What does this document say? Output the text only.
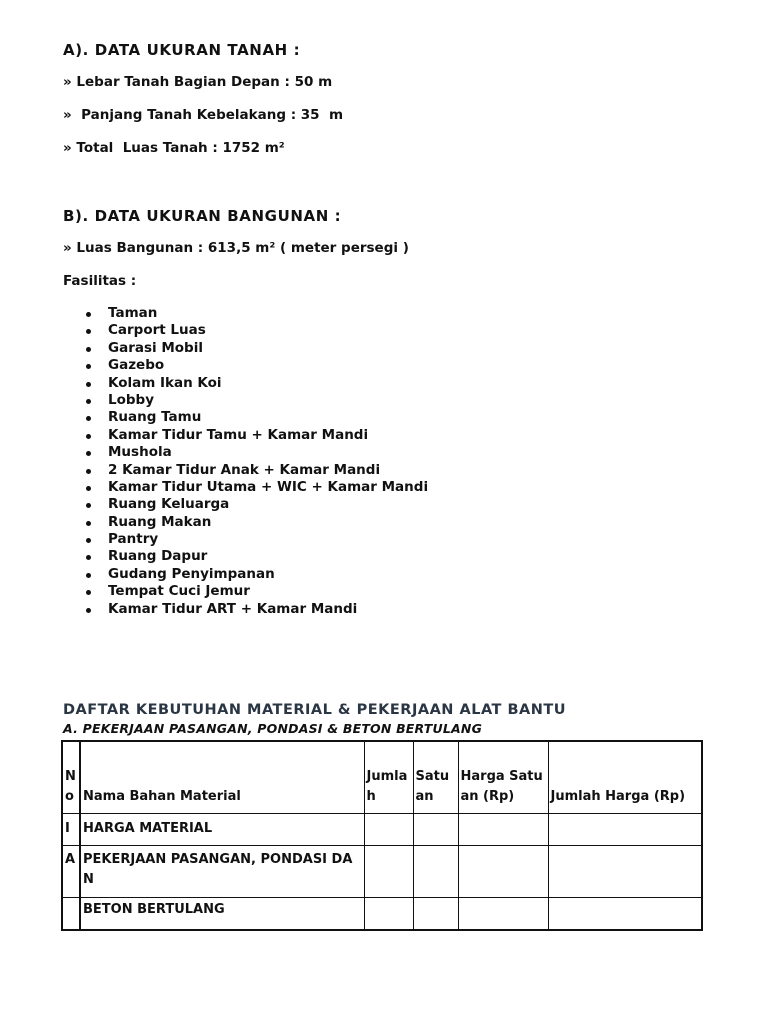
A). DATA UKURAN TANAH :

» Lebar Tanah Bagian Depan : 50 m

»  Panjang Tanah Kebelakang : 35  m

» Total  Luas Tanah : 1752 m²

B). DATA UKURAN BANGUNAN :

» Luas Bangunan : 613,5 m² ( meter persegi )

Fasilitas :

Taman
Carport Luas
Garasi Mobil
Gazebo
Kolam Ikan Koi
Lobby
Ruang Tamu
Kamar Tidur Tamu + Kamar Mandi
Mushola
2 Kamar Tidur Anak + Kamar Mandi
Kamar Tidur Utama + WIC + Kamar Mandi
Ruang Keluarga
Ruang Makan
Pantry
Ruang Dapur
Gudang Penyimpanan
Tempat Cuci Jemur
Kamar Tidur ART + Kamar Mandi
DAFTAR KEBUTUHAN MATERIAL & PEKERJAAN ALAT BANTU

A. PEKERJAAN PASANGAN, PONDASI & BETON BERTULANG

No	Nama Bahan Material	Jumlah	Satuan	Harga Satuan (Rp)	Jumlah Harga (Rp)
I	HARGA MATERIAL				
A	PEKERJAAN PASANGAN, PONDASI DAN				
	BETON BERTULANG				
